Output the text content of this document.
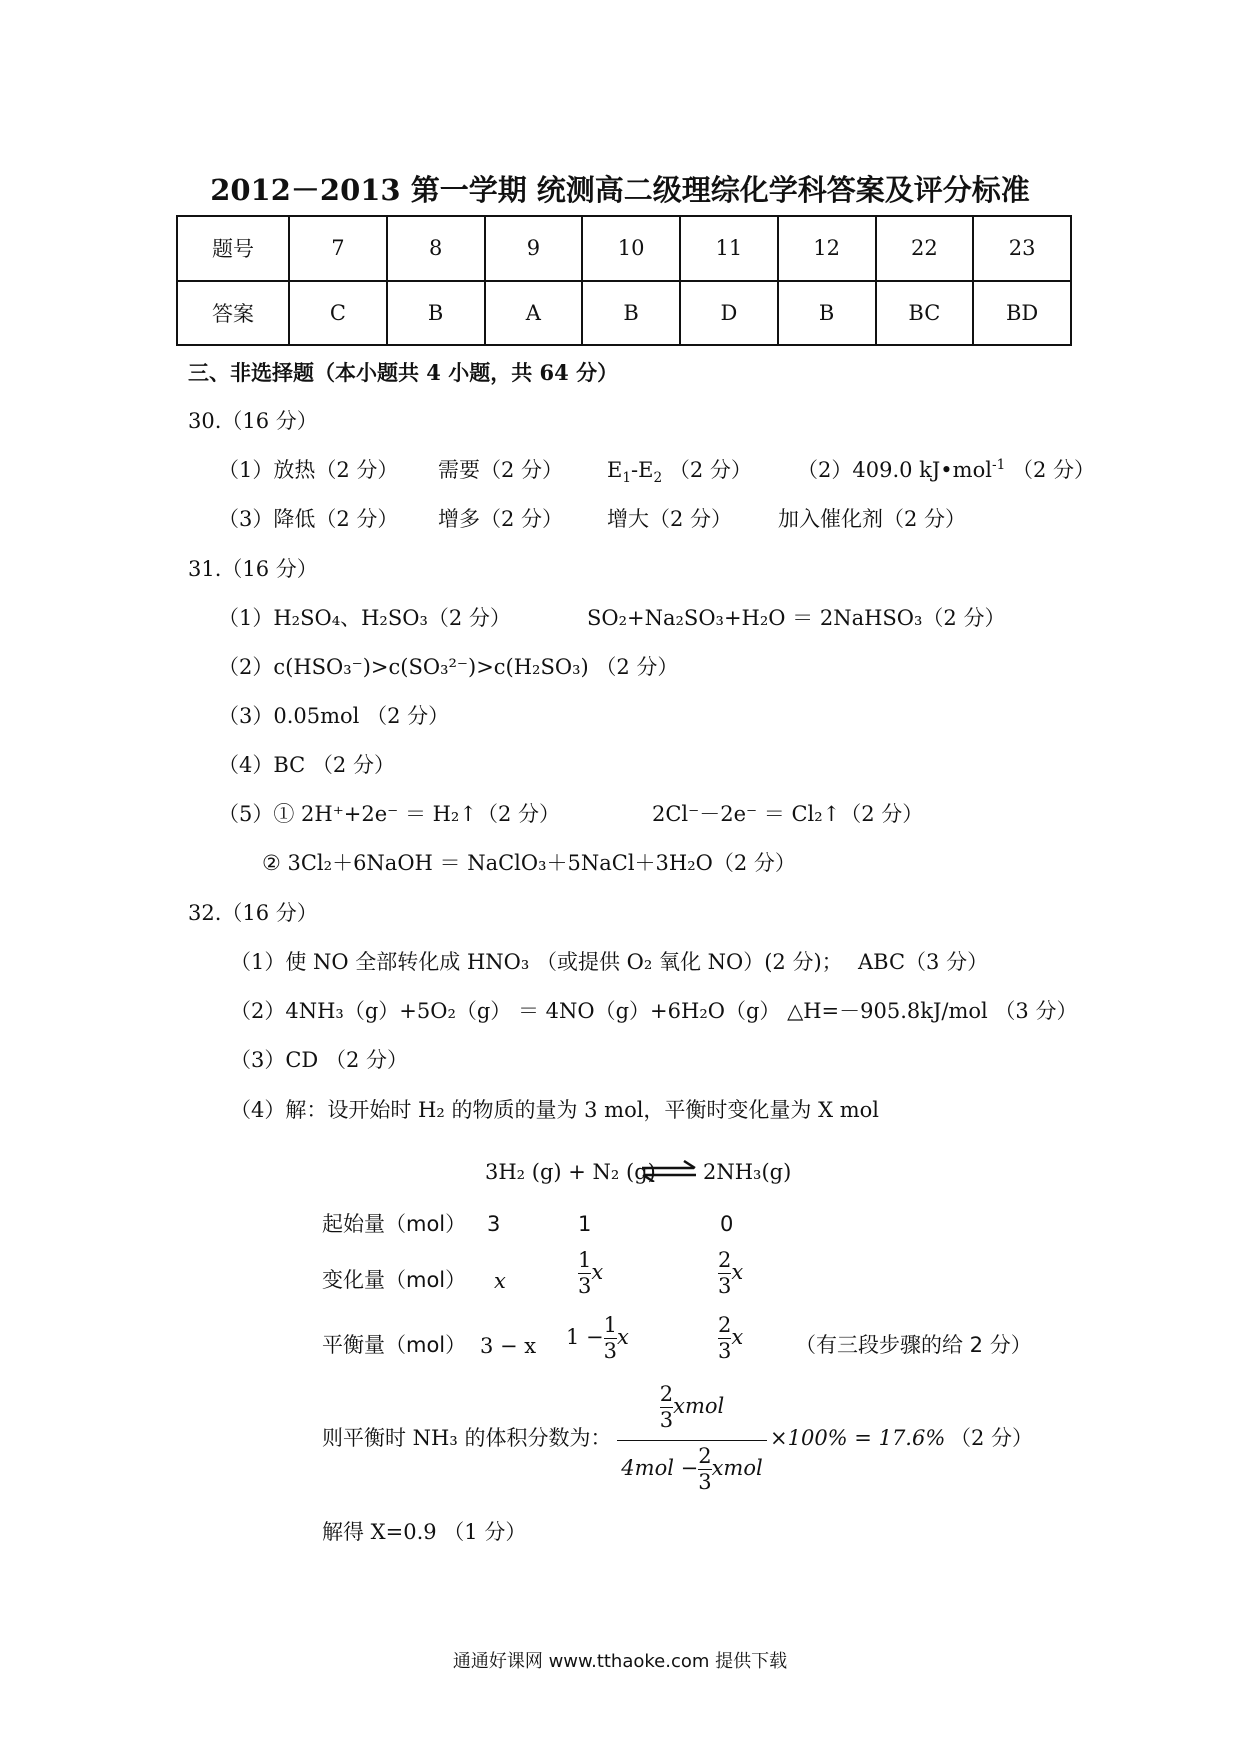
2012－2013 第一学期 统测高二级理综化学科答案及评分标准
题号	7	8	9	10	11	12	22	23
答案	C	B	A	B	D	B	BC	BD
三、非选择题（本小题共 4 小题，共 64 分）
30.（16 分）
（1）放热（2 分） 需要（2 分） $E_1-E_2$ （2 分） （2）409.0 kJ•mol$^{-1}$ （2 分）
（3）降低（2 分） 增多（2 分） 增大（2 分） 加入催化剂（2 分）
31.（16 分）
（1）H₂SO₄、H₂SO₃（2 分）	SO₂+Na₂SO₃+H₂O ＝ 2NaHSO₃（2 分）
（2）c(HSO₃⁻)>c(SO₃²⁻)>c(H₂SO₃) （2 分）
（3）0.05mol （2 分）
（4）BC （2 分）
（5）① 2H⁺+2e⁻ ＝ H₂↑（2 分）	2Cl⁻－2e⁻ ＝ Cl₂↑（2 分）
② 3Cl₂＋6NaOH ＝ NaClO₃＋5NaCl＋3H₂O（2 分）
32.（16 分）
（1）使 NO 全部转化成 HNO₃ （或提供 O₂ 氧化 NO）(2 分)； ABC（3 分）
（2）4NH₃（g）+5O₂（g） ＝ 4NO（g）+6H₂O（g） △H=－905.8kJ/mol （3 分）
（3）CD （2 分）
（4）解：设开始时 H₂ 的物质的量为 3 mol，平衡时变化量为 X mol
3H₂ (g) + N₂ (g) ⇌ 2NH₃(g)
起始量（mol） 3	1	0
变化量（mol） x	$\frac{1}{3}$ x	$\frac{2}{3}$ x
平衡量（mol） 3 − x $1 - \frac{1}{3}$ x	$\frac{2}{3}$ x （有三段步骤的给 2 分）
则平衡时 NH₃ 的体积分数为：
$\frac{2}{3}$ xmol
$4mol - \frac{2}{3}$ xmol
×100% = 17.6% （2 分）
解得 X=0.9 （1 分）
通通好课网 www.tthaoke.com 提供下载
